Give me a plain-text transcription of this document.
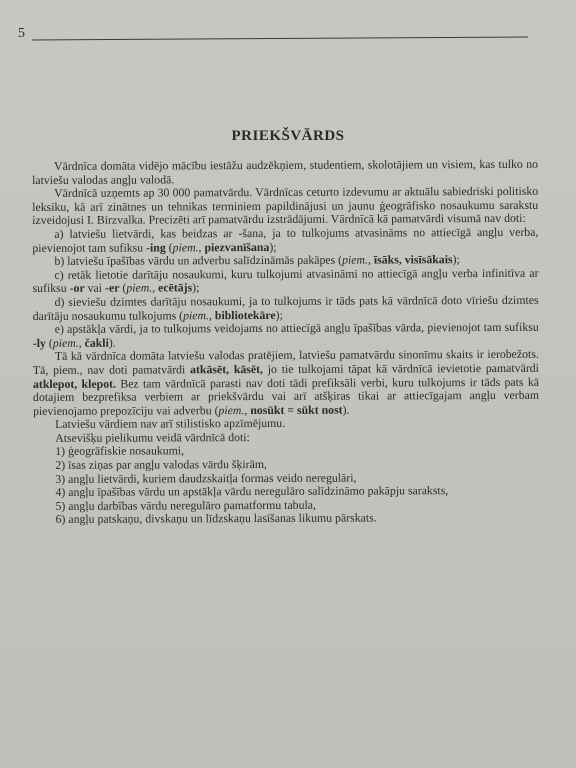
5
PRIEKŠVĀRDS

Vārdnīca domāta vidējo mācību iestāžu audzēkņiem, studentiem, skolotājiem un visiem, kas tulko no latviešu valodas angļu valodā.

Vārdnīcā uzņemts ap 30 000 pamatvārdu. Vārdnīcas ceturto izdevumu ar aktuālu sabiedriski politisko leksiku, kā arī zinātnes un tehnikas terminiem papildinājusi un jaunu ģeogrāfisko nosaukumu sarakstu izveidojusi I. Birzvalka. Precizēti arī pamatvārdu izstrādājumi. Vārdnīcā kā pamatvārdi visumā nav doti:

a) latviešu lietvārdi, kas beidzas ar -šana, ja to tulkojums atvasināms no attiecīgā angļu verba, pievienojot tam sufiksu -ing (piem., piezvanīšana);

b) latviešu īpašības vārdu un adverbu salīdzināmās pakāpes (piem., īsāks, visīsākais);

c) retāk lietotie darītāju nosaukumi, kuru tulkojumi atvasināmi no attiecīgā angļu verba infinitīva ar sufiksu -or vai -er (piem., ecētājs);

d) sieviešu dzimtes darītāju nosaukumi, ja to tulkojums ir tāds pats kā vārdnīcā doto vīriešu dzimtes darītāju nosaukumu tulkojums (piem., bibliotekāre);

e) apstākļa vārdi, ja to tulkojums veidojams no attiecīgā angļu īpašības vārda, pievienojot tam sufiksu -ly (piem., čakli).

Tā kā vārdnīca domāta latviešu valodas pratējiem, latviešu pamatvārdu sinonīmu skaits ir ierobežots. Tā, piem., nav doti pamatvārdi atkāsēt, kāsēt, jo tie tulkojami tāpat kā vārdnīcā ievietotie pamatvārdi atklepot, klepot. Bez tam vārdnīcā parasti nav doti tādi prefiksāli verbi, kuru tulkojums ir tāds pats kā dotajiem bezprefiksa verbiem ar priekšvārdu vai arī atšķiras tikai ar attiecīgajam angļu verbam pievienojamo prepozīciju vai adverbu (piem., nosūkt = sūkt nost).

Latviešu vārdiem nav arī stilistisko apzīmējumu.

Atsevišķu pielikumu veidā vārdnīcā doti:

1) ģeogrāfiskie nosaukumi,

2) īsas ziņas par angļu valodas vārdu šķirām,

3) angļu lietvārdi, kuriem daudzskaitļa formas veido neregulāri,

4) angļu īpašības vārdu un apstākļa vārdu neregulāro salīdzināmo pakāpju saraksts,

5) angļu darbības vārdu neregulāro pamatformu tabula,

6) angļu patskaņu, divskaņu un līdzskaņu lasīšanas likumu pārskats.
